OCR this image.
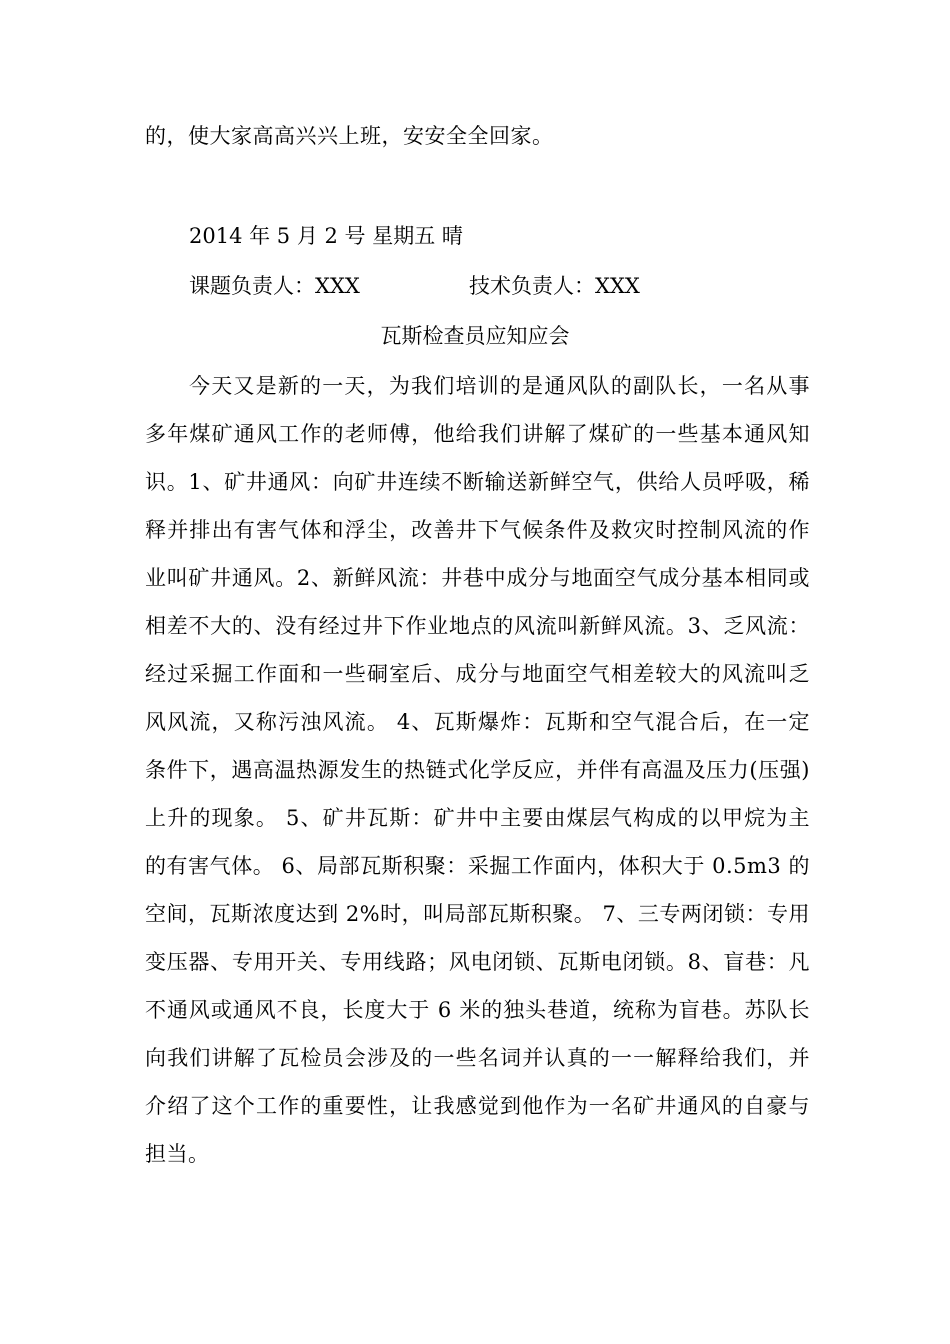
的，使大家高高兴兴上班，安安全全回家。
2014 年 5 月 2 号 星期五 晴
课题负责人：XXX	技术负责人：XXX
瓦斯检查员应知应会
今天又是新的一天，为我们培训的是通风队的副队长，一名从事多年煤矿通风工作的老师傅，他给我们讲解了煤矿的一些基本通风知识。1、矿井通风：向矿井连续不断输送新鲜空气，供给人员呼吸，稀释并排出有害气体和浮尘，改善井下气候条件及救灾时控制风流的作业叫矿井通风。2、新鲜风流：井巷中成分与地面空气成分基本相同或相差不大的、没有经过井下作业地点的风流叫新鲜风流。3、乏风流：经过采掘工作面和一些硐室后、成分与地面空气相差较大的风流叫乏风风流，又称污浊风流。 4、瓦斯爆炸：瓦斯和空气混合后，在一定条件下，遇高温热源发生的热链式化学反应，并伴有高温及压力(压强)上升的现象。 5、矿井瓦斯：矿井中主要由煤层气构成的以甲烷为主的有害气体。 6、局部瓦斯积聚：采掘工作面内，体积大于 0.5m3 的空间，瓦斯浓度达到 2%时，叫局部瓦斯积聚。 7、三专两闭锁：专用变压器、专用开关、专用线路；风电闭锁、瓦斯电闭锁。8、盲巷：凡不通风或通风不良，长度大于 6 米的独头巷道，统称为盲巷。苏队长向我们讲解了瓦检员会涉及的一些名词并认真的一一解释给我们，并介绍了这个工作的重要性，让我感觉到他作为一名矿井通风的自豪与担当。
